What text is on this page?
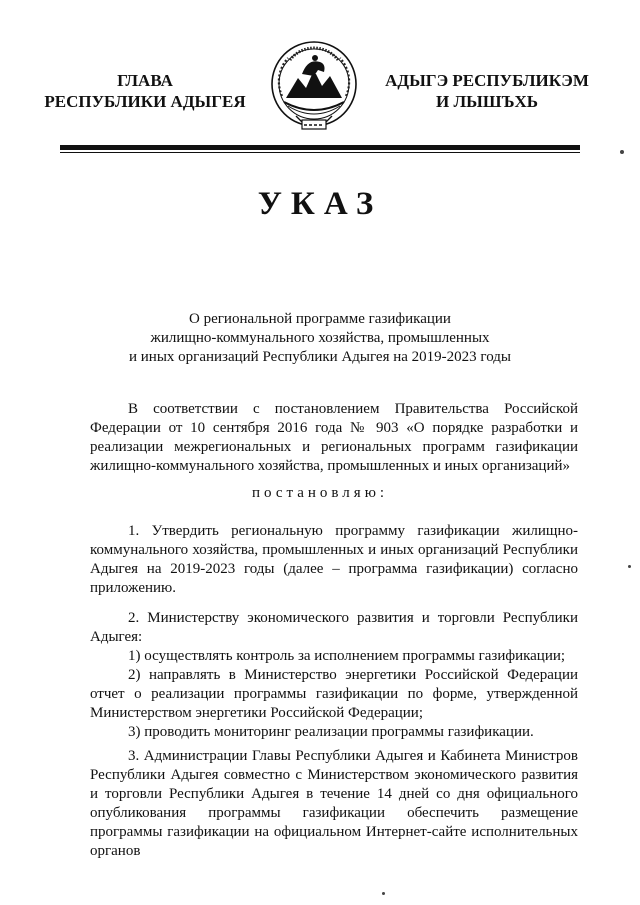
ГЛАВА
РЕСПУБЛИКИ АДЫГЕЯ
АДЫГЭ РЕСПУБЛИКЭМ
И ЛЫШЪХЬ
УКАЗ
О региональной программе газификации
жилищно-коммунального хозяйства, промышленных
и иных организаций Республики Адыгея на 2019-2023 годы

В соответствии с постановлением Правительства Российской Федерации от 10 сентября 2016 года № 903 «О порядке разработки и реализации межрегиональных и региональных программ газификации жилищно-коммунального хозяйства, промышленных и иных организаций»

постановляю:

1. Утвердить региональную программу газификации жилищно-коммунального хозяйства, промышленных и иных организаций Республики Адыгея на 2019-2023 годы (далее – программа газификации) согласно приложению.

2. Министерству экономического развития и торговли Республики Адыгея:

1) осуществлять контроль за исполнением программы газификации;

2) направлять в Министерство энергетики Российской Федерации отчет о реализации программы газификации по форме, утвержденной Министерством энергетики Российской Федерации;

3) проводить мониторинг реализации программы газификации.

3. Администрации Главы Республики Адыгея и Кабинета Министров Республики Адыгея совместно с Министерством экономического развития и торговли Республики Адыгея в течение 14 дней со дня официального опубликования программы газификации обеспечить размещение программы газификации на официальном Интернет-сайте исполнительных органов
